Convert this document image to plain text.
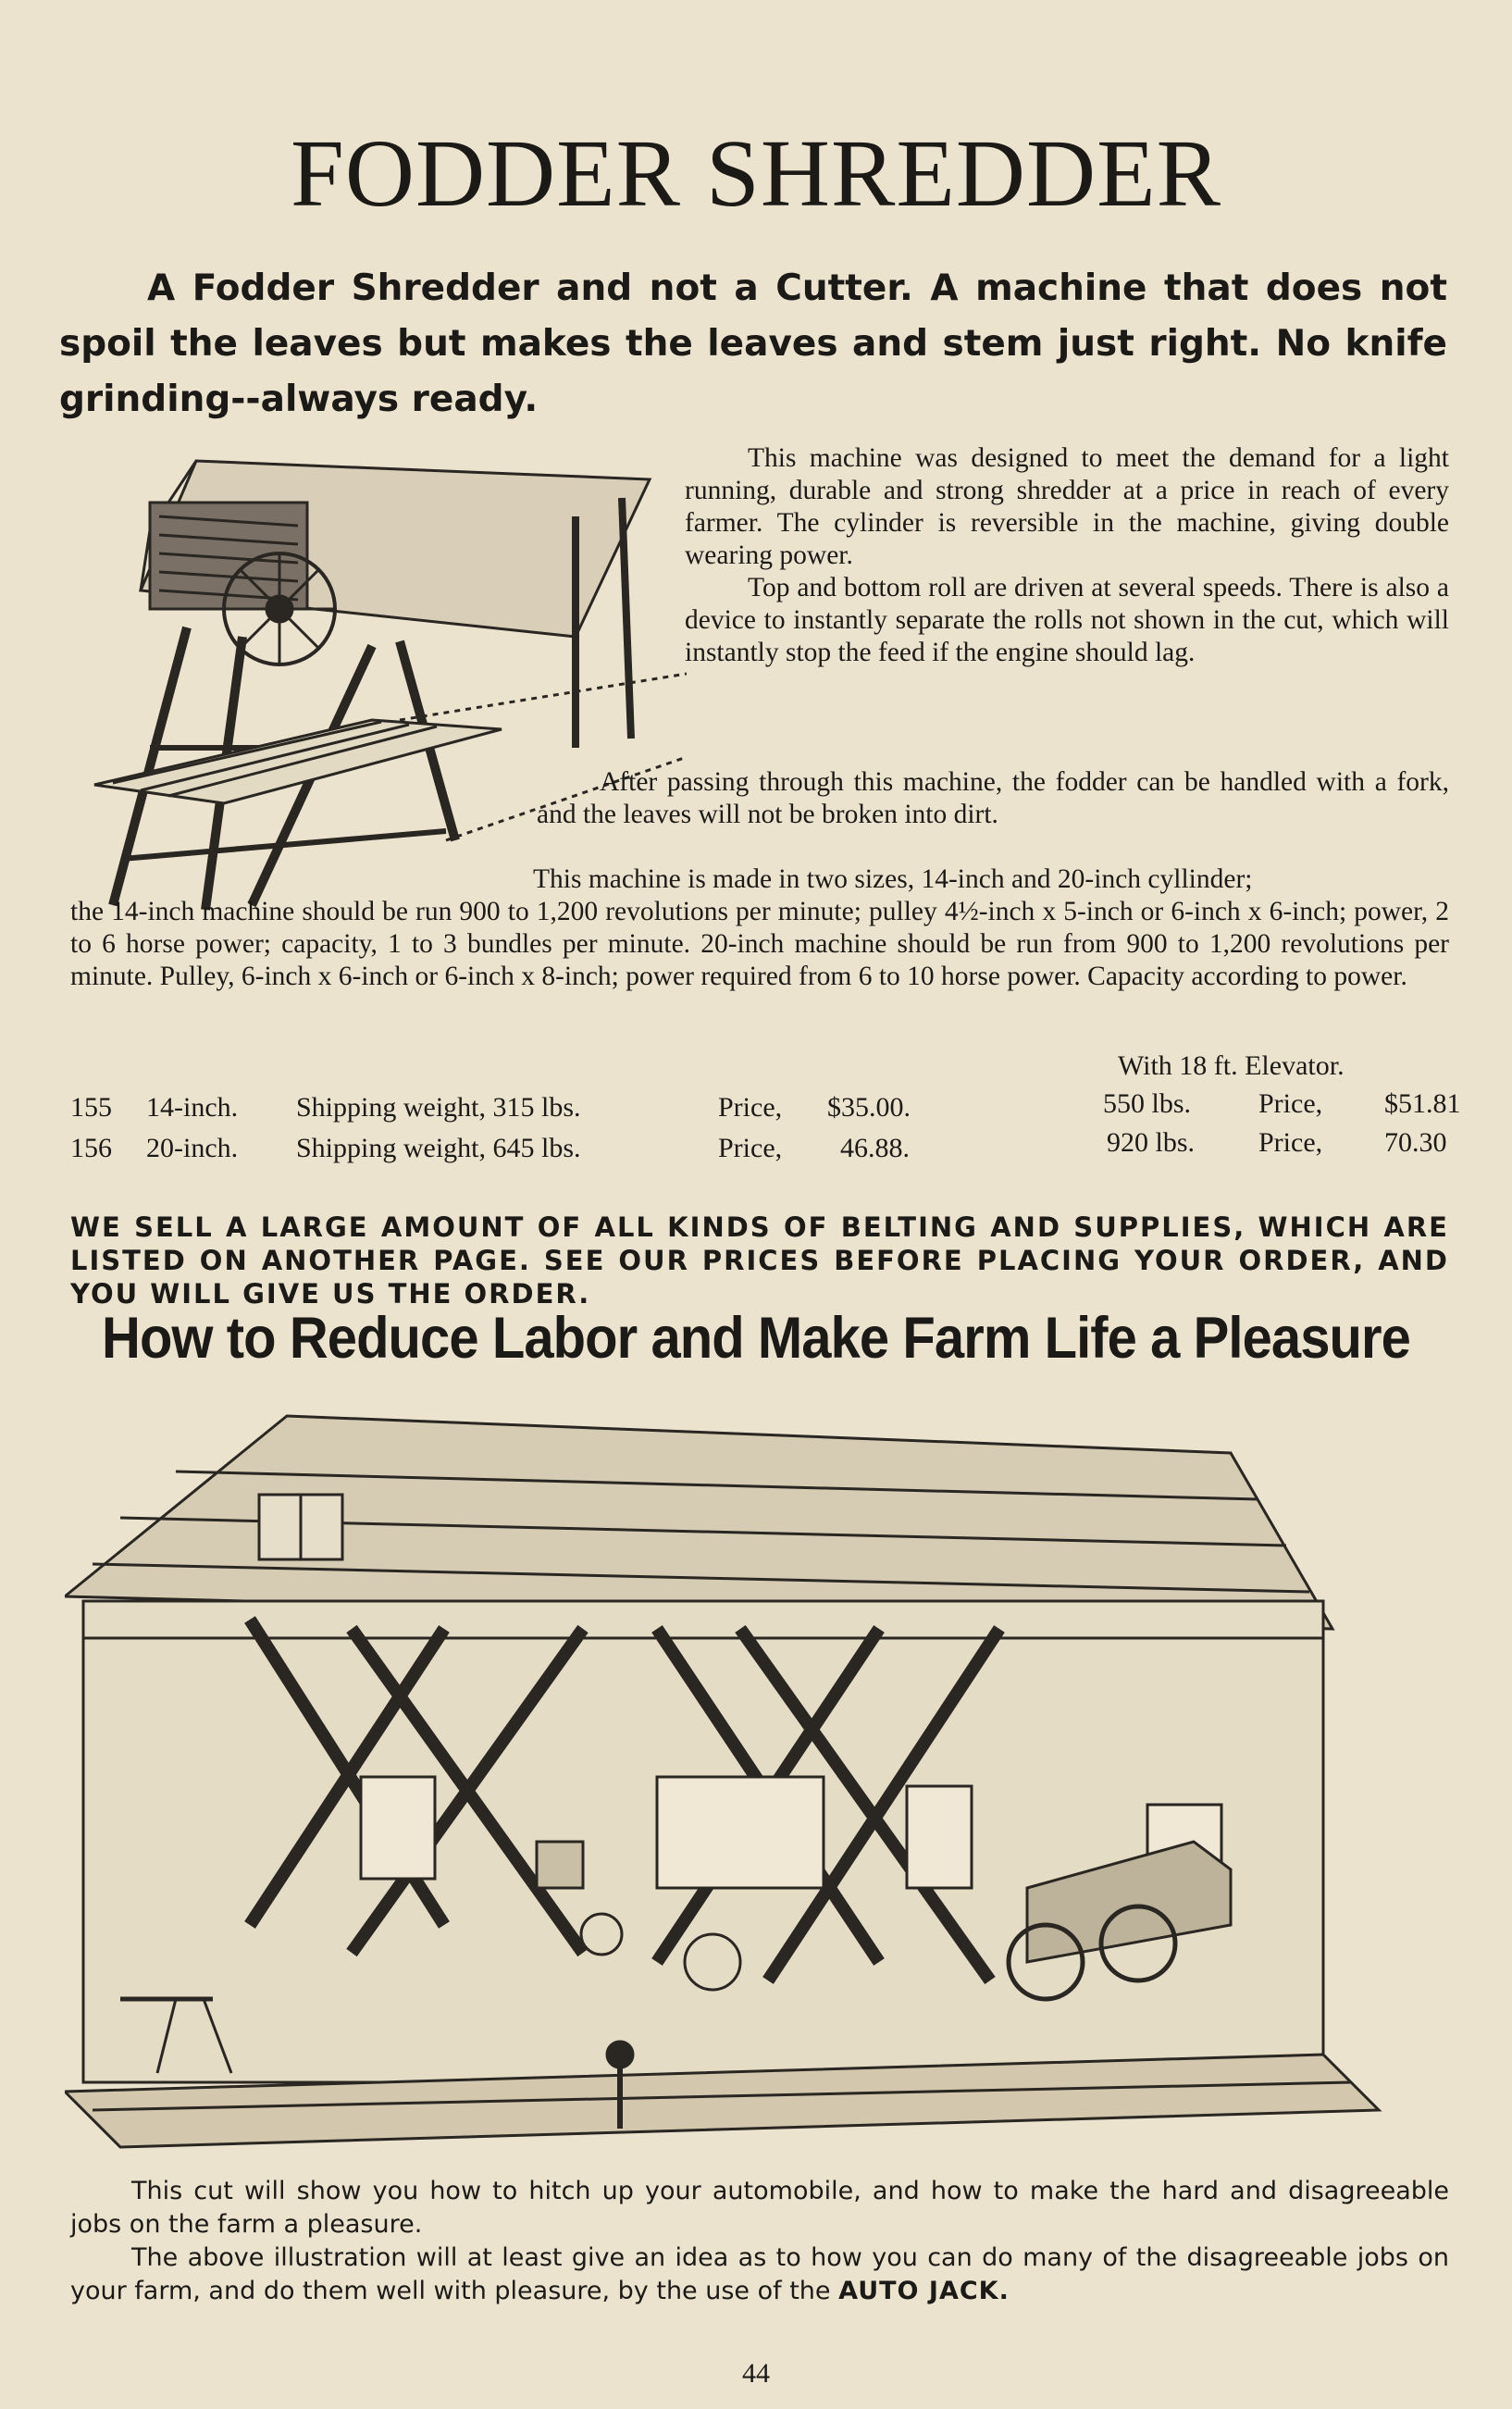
FODDER SHREDDER

A Fodder Shredder and not a Cutter. A machine that does not spoil the leaves but makes the leaves and stem just right. No knife grinding--always ready.

This machine was designed to meet the demand for a light running, durable and strong shredder at a price in reach of every farmer. The cylinder is reversible in the machine, giving double wearing power.

Top and bottom roll are driven at several speeds. There is also a device to instantly separate the rolls not shown in the cut, which will instantly stop the feed if the engine should lag.

After passing through this machine, the fodder can be handled with a fork, and the leaves will not be broken into dirt.

This machine is made in two sizes, 14-inch and 20-inch cyllinder;
the 14-inch machine should be run 900 to 1,200 revolutions per minute; pulley 4½-inch x 5-inch or 6-inch x 6-inch; power, 2 to 6 horse power; capacity, 1 to 3 bundles per minute. 20-inch machine should be run from 900 to 1,200 revolutions per minute. Pulley, 6-inch x 6-inch or 6-inch x 8-inch; power required from 6 to 10 horse power. Capacity according to power.

With 18 ft. Elevator.
155 14-inch. Shipping weight, 315 lbs.	Price, $35.00.	550 lbs. Price, $51.81
156 20-inch. Shipping weight, 645 lbs.	Price, 46.88.	920 lbs. Price, 70.30

WE SELL A LARGE AMOUNT OF ALL KINDS OF BELTING AND SUPPLIES, WHICH ARE LISTED ON ANOTHER PAGE. SEE OUR PRICES BEFORE PLACING YOUR ORDER, AND YOU WILL GIVE US THE ORDER.

How to Reduce Labor and Make Farm Life a Pleasure

This cut will show you how to hitch up your automobile, and how to make the hard and disagreeable jobs on the farm a pleasure.
The above illustration will at least give an idea as to how you can do many of the disagreeable jobs on your farm, and do them well with pleasure, by the use of the AUTO JACK.

44
